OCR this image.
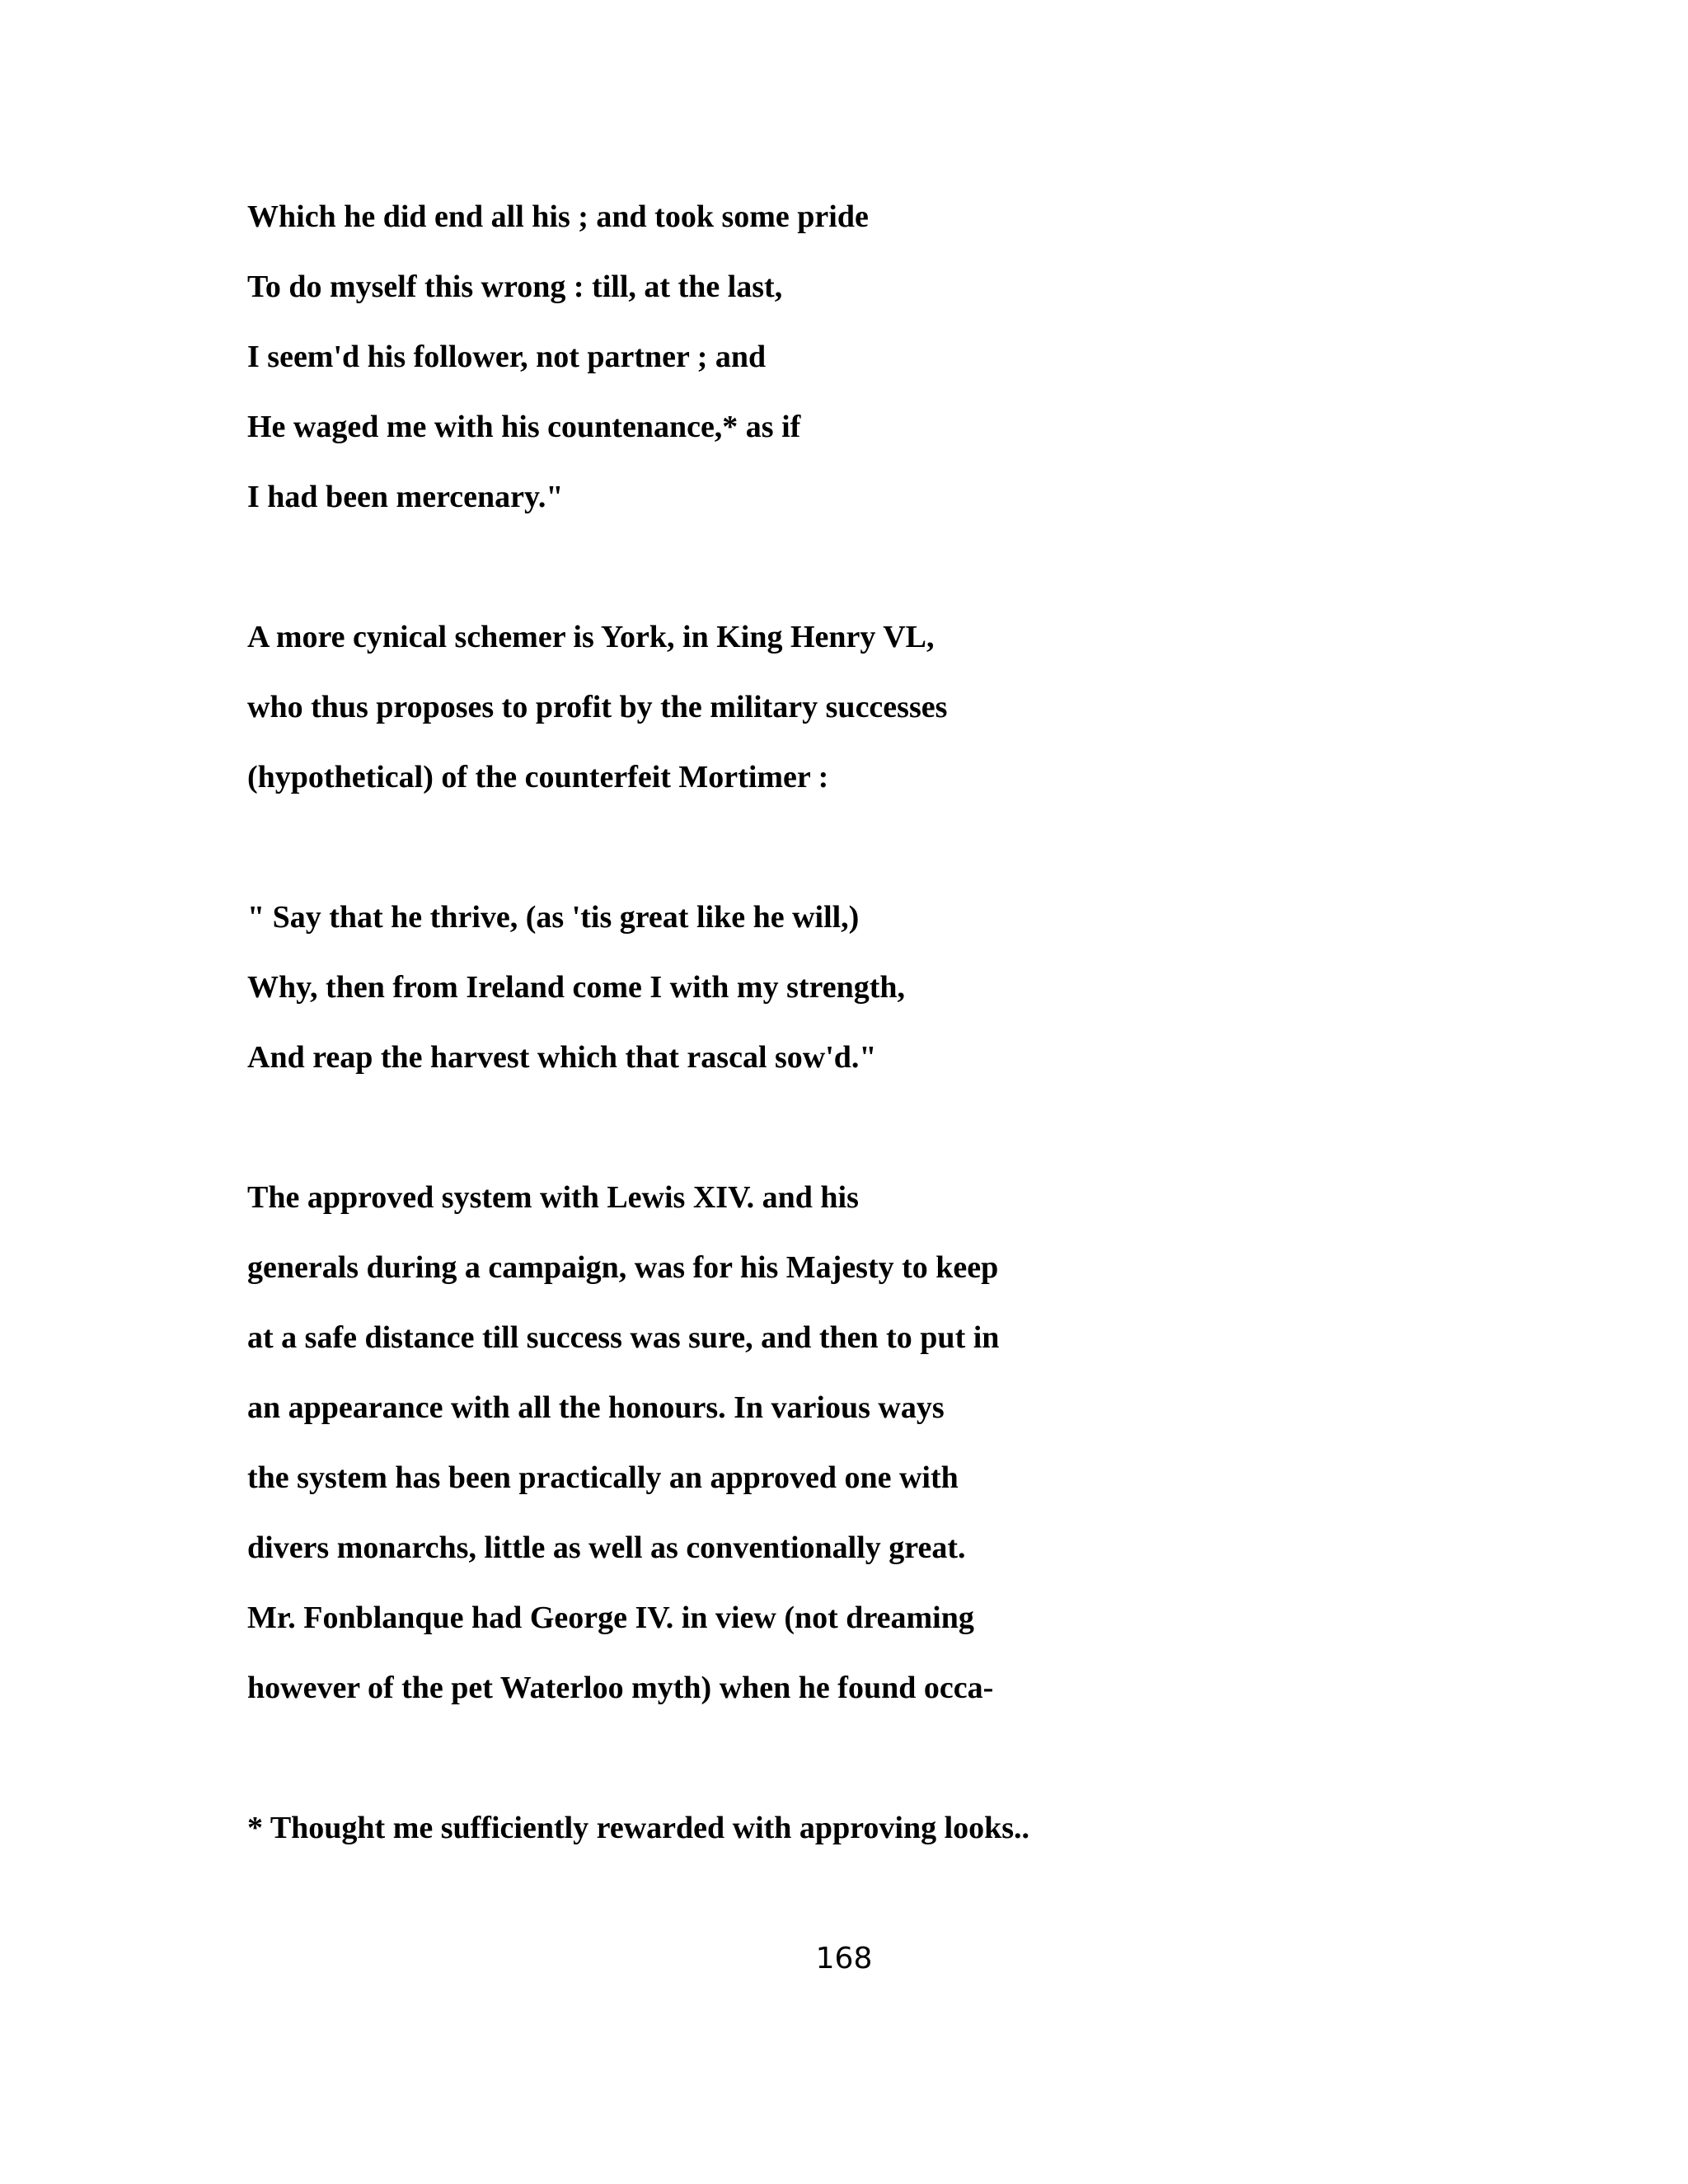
Which he did end all his ; and took some pride
To do myself this wrong : till, at the last,
I seem'd his follower, not partner ; and
He waged me with his countenance,* as if
I had been mercenary."
A more cynical schemer is York, in King Henry VL,
who thus proposes to profit by the military successes
(hypothetical) of the counterfeit Mortimer :
" Say that he thrive, (as 'tis great like he will,)
Why, then from Ireland come I with my strength,
And reap the harvest which that rascal sow'd."
The approved system with Lewis XIV. and his
generals during a campaign, was for his Majesty to keep
at a safe distance till success was sure, and then to put in
an appearance with all the honours. In various ways
the system has been practically an approved one with
divers monarchs, little as well as conventionally great.
Mr. Fonblanque had George IV. in view (not dreaming
however of the pet Waterloo myth) when he found occa-
* Thought me sufficiently rewarded with approving looks..
168
